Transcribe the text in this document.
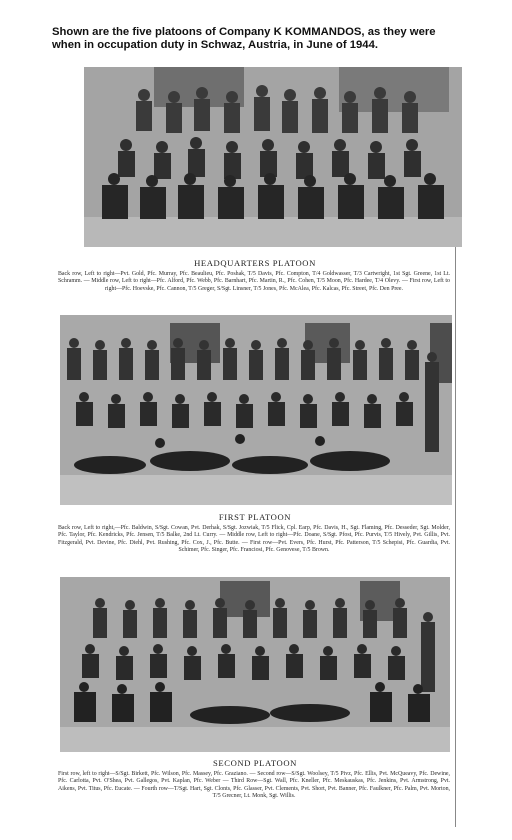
Shown are the five platoons of Company K KOMMANDOS, as they were
when in occupation duty in Schwaz, Austria, in June of 1944.
HEADQUARTERS PLATOON
Back row, Left to right—Pvt. Gold, Pfc. Murray, Pfc. Beaulieu, Pfc. Poshak, T/5 Davis, Pfc. Compton, T/4 Goldwasser, T/3 Cartwright, 1st Sgt. Greene, 1st Lt. Schramm. — Middle row, Left to right—Pfc. Alford, Pfc. Webb, Pfc. Barnhart, Pfc. Martin, R., Pfc. Cohen, T/5 Moon, Pfc. Hardee, T/4 Olevy. — First row, Left to right—Pfc. Hoevske, Pfc. Cannon, T/5 Greger, S/Sgt. Linsner, T/5 Jones, Pfc. McAlea, Pfc. Kalcas, Pfc. Street, Pfc. Den Pree.
FIRST PLATOON
Back row, Left to right,—Pfc. Baldwin, S/Sgt. Cowan, Pvt. Derhak, S/Sgt. Jozwiak, T/5 Flick, Cpl. Earp, Pfc. Davis, H., Sgt. Flaming, Pfc. Desseder, Sgt. Molder, Pfc. Taylor, Pfc. Kendricks, Pfc. Jensen, T/5 Balke, 2nd Lt. Curry. — Middle row, Left to right—Pfc. Doane, S/Sgt. Pfost, Pfc. Purvis, T/5 Hively, Pvt. Gillis, Pvt. Fitzgerald, Pvt. Devine, Pfc. Diehl, Pvt. Rushing, Pfc. Cox, J., Pfc. Butte. — First row—Pvt. Evers, Pfc. Hurst, Pfc. Patterson, T/5 Schepisi, Pfc. Guardia, Pvt. Schimer, Pfc. Singer, Pfc. Franciosi, Pfc. Genovese, T/5 Brown.
SECOND PLATOON
First row, left to right—S/Sgt. Birkett, Pfc. Wilson, Pfc. Massey, Pfc. Graziano. — Second row—S/Sgt. Woolsey, T/5 Pivz, Pfc. Ellis, Pvt. McQueavy, Pfc. Dewine, Pfc. Carlotta, Pvt. O'Shea, Pvt. Gallegos, Pvt. Kaplan, Pfc. Weber — Third Row—Sgt. Wall, Pfc. Kneller, Pfc. Meskauskas, Pfc. Jenkins, Pvt. Armstrong, Pvt. Aikens, Pvt. Titus, Pfc. Eucate. — Fourth row—T/Sgt. Hart, Sgt. Clonts, Pfc. Glasser, Pvt. Clements, Pvt. Short, Pvt. Banner, Pfc. Faulkner, Pfc. Palm, Pvt. Morton, T/5 Grecner, Lt. Monk, Sgt. Willis.
